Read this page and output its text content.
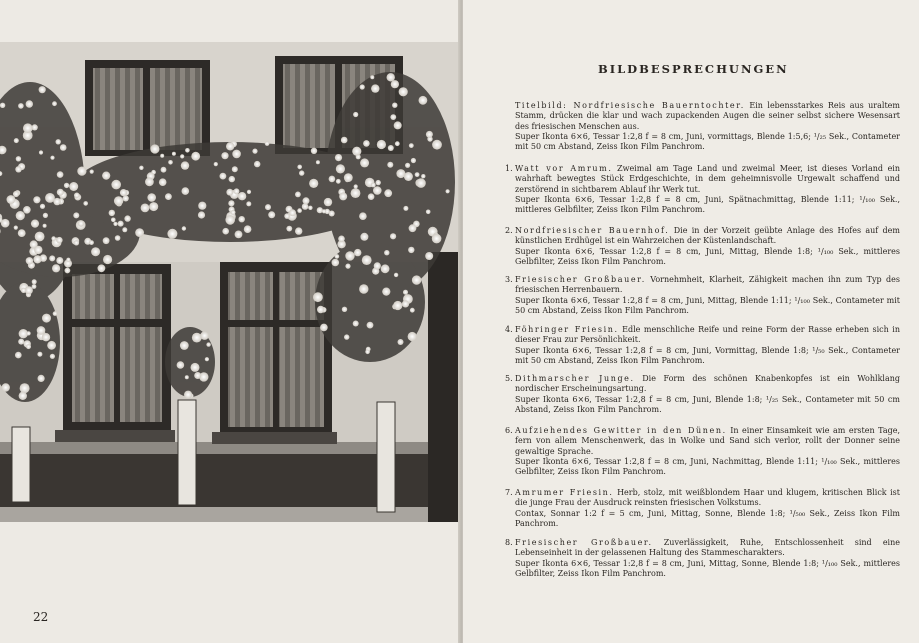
22
BILDBESPRECHUNGEN

Titelbild: Nordfriesische Bauerntochter. Ein lebensstarkes Reis aus uraltem Stamm, drücken die klar und wach zupackenden Augen die seiner selbst sichere Wesensart des friesischen Menschen aus.

Super Ikonta 6×6, Tessar 1:2,8 f = 8 cm, Juni, vormittags, Blende 1:5,6; ¹/₂₅ Sek., Contameter mit 50 cm Abstand, Zeiss Ikon Film Panchrom.

1. Watt vor Amrum. Zweimal am Tage Land und zweimal Meer, ist dieses Vorland ein wahrhaft bewegtes Stück Erdgeschichte, in dem geheimnisvolle Urgewalt schaffend und zerstörend in sichtbarem Ablauf ihr Werk tut.

Super Ikonta 6×6, Tessar 1:2,8 f = 8 cm, Juni, Spätnachmittag, Blende 1:11; ¹/₁₀₀ Sek., mittleres Gelbfilter, Zeiss Ikon Film Panchrom.

2. Nordfriesischer Bauernhof. Die in der Vorzeit geübte Anlage des Hofes auf dem künstlichen Erdhügel ist ein Wahrzeichen der Küstenlandschaft.

Super Ikonta 6×6, Tessar 1:2,8 f = 8 cm, Juni, Mittag, Blende 1:8; ¹/₁₀₀ Sek., mittleres Gelbfilter, Zeiss Ikon Film Panchrom.

3. Friesischer Großbauer. Vornehmheit, Klarheit, Zähigkeit machen ihn zum Typ des friesischen Herrenbauern.

Super Ikonta 6×6, Tessar 1:2,8 f = 8 cm, Juni, Mittag, Blende 1:11; ¹/₁₀₀ Sek., Contameter mit 50 cm Abstand, Zeiss Ikon Film Panchrom.

4. Föhringer Friesin. Edle menschliche Reife und reine Form der Rasse erheben sich in dieser Frau zur Persönlichkeit.

Super Ikonta 6×6, Tessar 1:2,8 f = 8 cm, Juni, Vormittag, Blende 1:8; ¹/₅₀ Sek., Contameter mit 50 cm Abstand, Zeiss Ikon Film Panchrom.

5. Dithmarscher Junge. Die Form des schönen Knabenkopfes ist ein Wohlklang nordischer Erscheinungsartung.

Super Ikonta 6×6, Tessar 1:2,8 f = 8 cm, Juni, Blende 1:8; ¹/₂₅ Sek., Contameter mit 50 cm Abstand, Zeiss Ikon Film Panchrom.

6. Aufziehendes Gewitter in den Dünen. In einer Einsamkeit wie am ersten Tage, fern von allem Menschenwerk, das in Wolke und Sand sich verlor, rollt der Donner seine gewaltige Sprache.

Super Ikonta 6×6, Tessar 1:2,8 f = 8 cm, Juni, Nachmittag, Blende 1:11; ¹/₁₀₀ Sek., mittleres Gelbfilter, Zeiss Ikon Film Panchrom.

7. Amrumer Friesin. Herb, stolz, mit weißblondem Haar und klugem, kritischen Blick ist die junge Frau der Ausdruck reinsten friesischen Volkstums.

Contax, Sonnar 1:2 f = 5 cm, Juni, Mittag, Sonne, Blende 1:8; ¹/₅₀₀ Sek., Zeiss Ikon Film Panchrom.

8. Friesischer Großbauer. Zuverlässigkeit, Ruhe, Entschlossenheit sind eine Lebenseinheit in der gelassenen Haltung des Stammescharakters.

Super Ikonta 6×6, Tessar 1:2,8 f = 8 cm, Juni, Mittag, Sonne, Blende 1:8; ¹/₁₀₀ Sek., mittleres Gelbfilter, Zeiss Ikon Film Panchrom.
